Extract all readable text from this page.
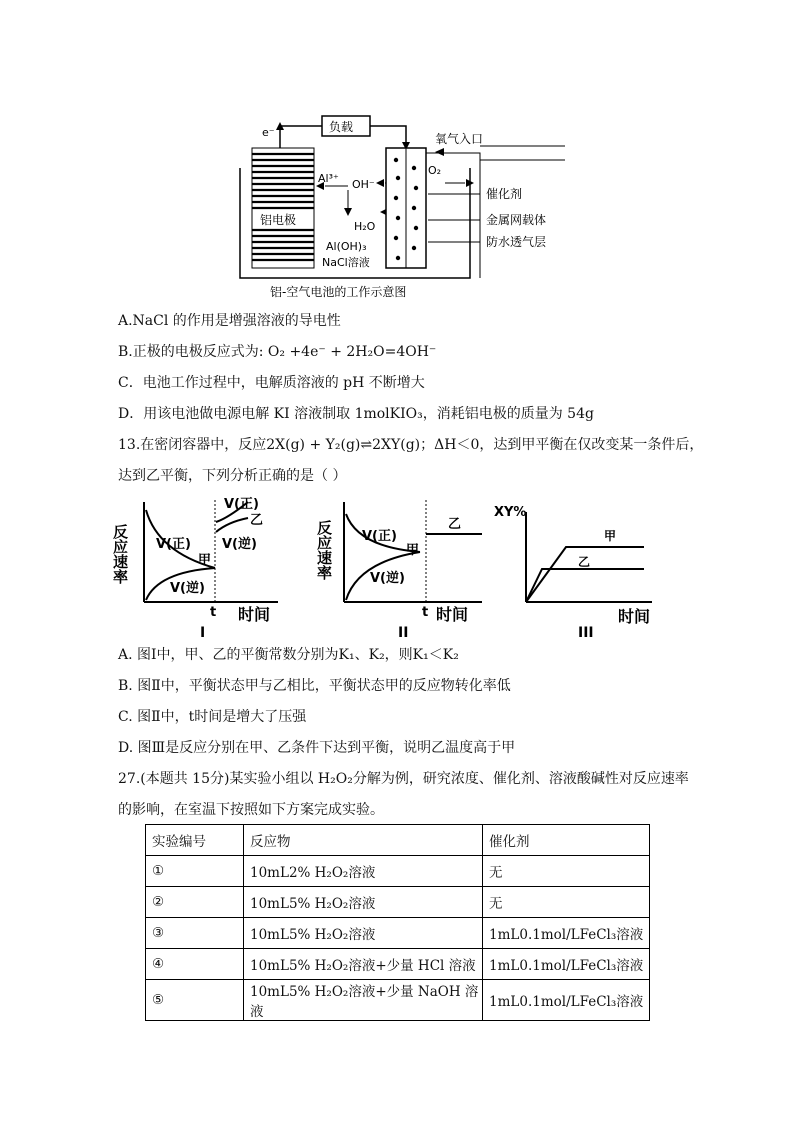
e⁻	负载
氧气入口
O₂
Al³⁺ OH⁻
铝电极	H₂O
Al(OH)₃
NaCl溶液
催化剂
金属网载体
防水透气层
铝-空气电池的工作示意图
A.NaCl 的作用是增强溶液的导电性
B.正极的电极反应式为: O₂ +4e⁻ + 2H₂O=4OH⁻
C．电池工作过程中，电解质溶液的 pH 不断增大
D．用该电池做电源电解 KI 溶液制取 1molKIO₃，消耗铝电极的质量为 54g
13.在密闭容器中，反应2X(g) + Y₂(g)⇌2XY(g)；ΔH＜0，达到甲平衡在仅改变某一条件后，
达到乙平衡，下列分析正确的是（ ）
反应速率 V(正)
甲
V(逆)
V(正)
乙
V(逆)
t 时间
I
反应速率 V(正)
甲
V(逆)
乙
t 时间
II
XY%
甲
乙
时间
III
A. 图Ⅰ中，甲、乙的平衡常数分别为K₁、K₂，则K₁＜K₂
B. 图Ⅱ中，平衡状态甲与乙相比，平衡状态甲的反应物转化率低
C. 图Ⅱ中，t时间是增大了压强
D. 图Ⅲ是反应分别在甲、乙条件下达到平衡，说明乙温度高于甲
27.(本题共 15分)某实验小组以 H₂O₂分解为例，研究浓度、催化剂、溶液酸碱性对反应速率
的影响，在室温下按照如下方案完成实验。
实验编号	反应物	催化剂
①	10mL2% H₂O₂溶液	无
②	10mL5% H₂O₂溶液	无
③	10mL5% H₂O₂溶液	1mL0.1mol/LFeCl₃溶液
④	10mL5% H₂O₂溶液+少量 HCl 溶液	1mL0.1mol/LFeCl₃溶液
⑤	10mL5% H₂O₂溶液+少量 NaOH 溶液	1mL0.1mol/LFeCl₃溶液
